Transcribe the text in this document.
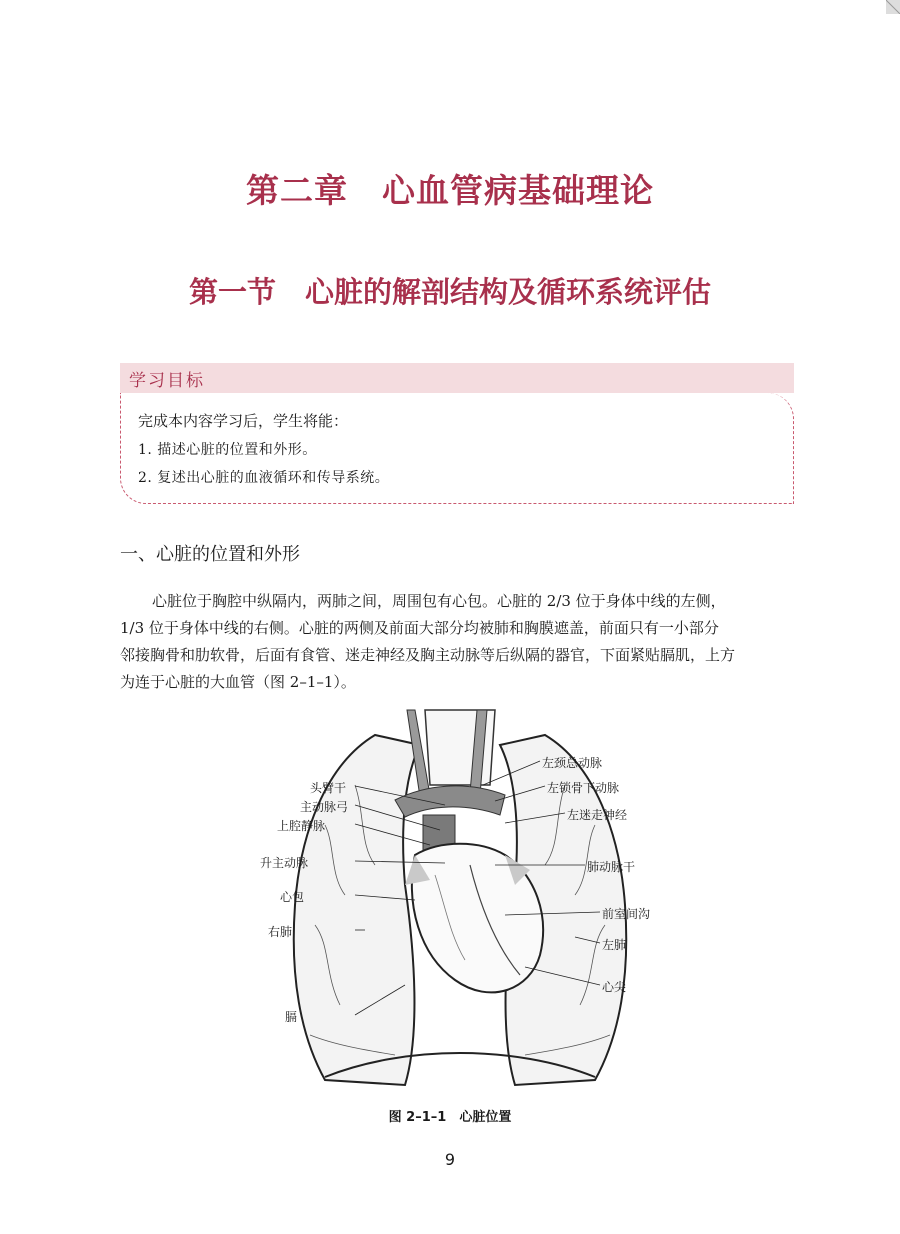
第二章　心血管病基础理论
第一节　心脏的解剖结构及循环系统评估
学习目标
完成本内容学习后，学生将能：
1. 描述心脏的位置和外形。
2. 复述出心脏的血液循环和传导系统。
一、心脏的位置和外形

心脏位于胸腔中纵隔内，两肺之间，周围包有心包。心脏的 2/3 位于身体中线的左侧，
1/3 位于身体中线的右侧。心脏的两侧及前面大部分均被肺和胸膜遮盖，前面只有一小部分
邻接胸骨和肋软骨，后面有食管、迷走神经及胸主动脉等后纵隔的器官，下面紧贴膈肌，上方
为连于心脏的大血管（图 2–1–1）。

头臂干
主动脉弓
上腔静脉
升主动脉
心包
右肺
膈
左颈总动脉
左锁骨下动脉
左迷走神经
肺动脉干
前室间沟
左肺
心尖

图 2–1–1　心脏位置

9
